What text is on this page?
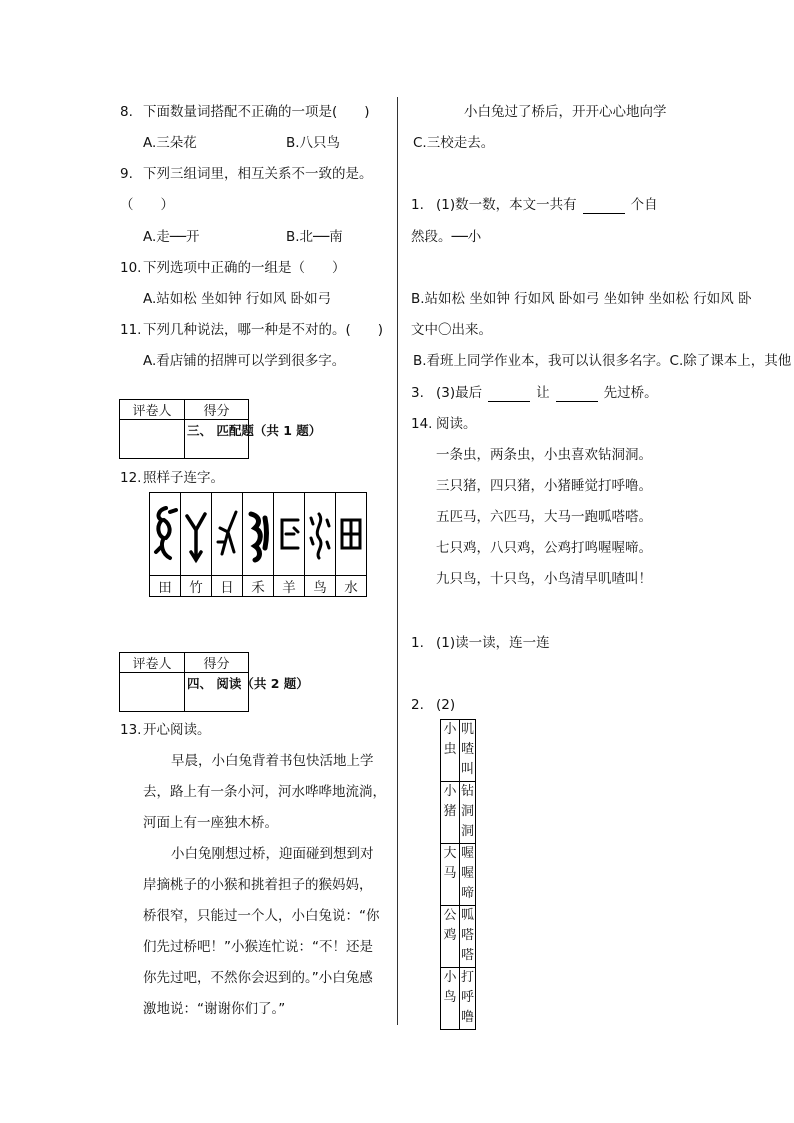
8. 下面数量词搭配不正确的一项是(　　)
A.三朵花	B.八只鸟
9. 下列三组词里，相互关系不一致的是。
（　　）
A.走──开	B.北──南
10. 下列选项中正确的一组是（　　）
A.站如松 坐如钟 行如风 卧如弓
11. 下列几种说法，哪一种是不对的。(　　)
A.看店铺的招牌可以学到很多字。
评卷人	得分

三、 匹配题（共 1 题）
12. 照样子连字。

田	竹	日	禾	羊	鸟	水
评卷人	得分

四、 阅读（共 2 题）
13. 开心阅读。
早晨，小白兔背着书包快活地上学
去，路上有一条小河，河水哗哗地流淌，
河面上有一座独木桥。
小白兔刚想过桥，迎面碰到想到对
岸摘桃子的小猴和挑着担子的猴妈妈，
桥很窄，只能过一个人，小白兔说：“你
们先过桥吧！”小猴连忙说：“不！还是
你先过吧，不然你会迟到的。”小白兔感
激地说：“谢谢你们了。”
小白兔过了桥后，开开心心地向学
C.三校走去。
1. (1)数一数，本文一共有	个自
然段。──小
B.站如松 坐如钟 行如风 卧如弓 坐如钟 坐如松 行如风 卧
文中〇出来。
B.看班上同学作业本，我可以认很多名字。C.除了课本上，其他
3. (3)最后	让	先过桥。
14. 阅读。
一条虫，两条虫，小虫喜欢钻洞洞。
三只猪，四只猪，小猪睡觉打呼噜。
五匹马，六匹马，大马一跑呱嗒嗒。
七只鸡，八只鸡，公鸡打鸣喔喔啼。
九只鸟，十只鸟，小鸟清早叽喳叫！
1. (1)读一读，连一连
2. (2)
小虫	叽喳叫

小猪	钻洞洞

大马	喔喔啼

公鸡	呱嗒嗒

小鸟	打呼噜
